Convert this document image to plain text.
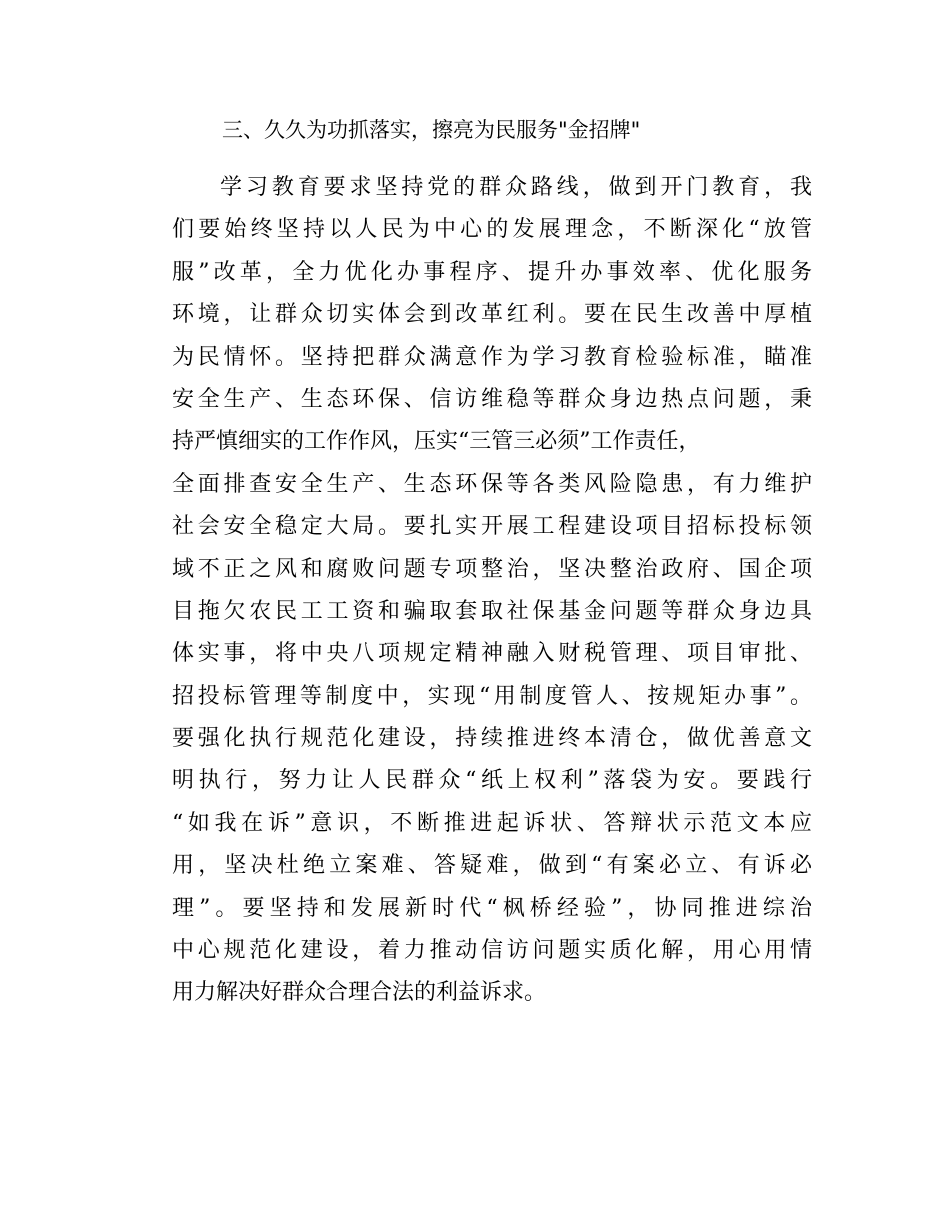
三、久久为功抓落实，擦亮为民服务"金招牌"
学习教育要求坚持党的群众路线，做到开门教育，我
们要始终坚持以人民为中心的发展理念，不断深化“放管
服”改革，全力优化办事程序、提升办事效率、优化服务
环境，让群众切实体会到改革红利。要在民生改善中厚植
为民情怀。坚持把群众满意作为学习教育检验标准，瞄准
安全生产、生态环保、信访维稳等群众身边热点问题，秉
持严慎细实的工作作风，压实“三管三必须”工作责任，
全面排查安全生产、生态环保等各类风险隐患，有力维护
社会安全稳定大局。要扎实开展工程建设项目招标投标领
域不正之风和腐败问题专项整治，坚决整治政府、国企项
目拖欠农民工工资和骗取套取社保基金问题等群众身边具
体实事，将中央八项规定精神融入财税管理、项目审批、
招投标管理等制度中，实现“用制度管人、按规矩办事”。
要强化执行规范化建设，持续推进终本清仓，做优善意文
明执行，努力让人民群众“纸上权利”落袋为安。要践行
“如我在诉”意识，不断推进起诉状、答辩状示范文本应
用，坚决杜绝立案难、答疑难，做到“有案必立、有诉必
理”。要坚持和发展新时代“枫桥经验”，协同推进综治
中心规范化建设，着力推动信访问题实质化解，用心用情
用力解决好群众合理合法的利益诉求。
